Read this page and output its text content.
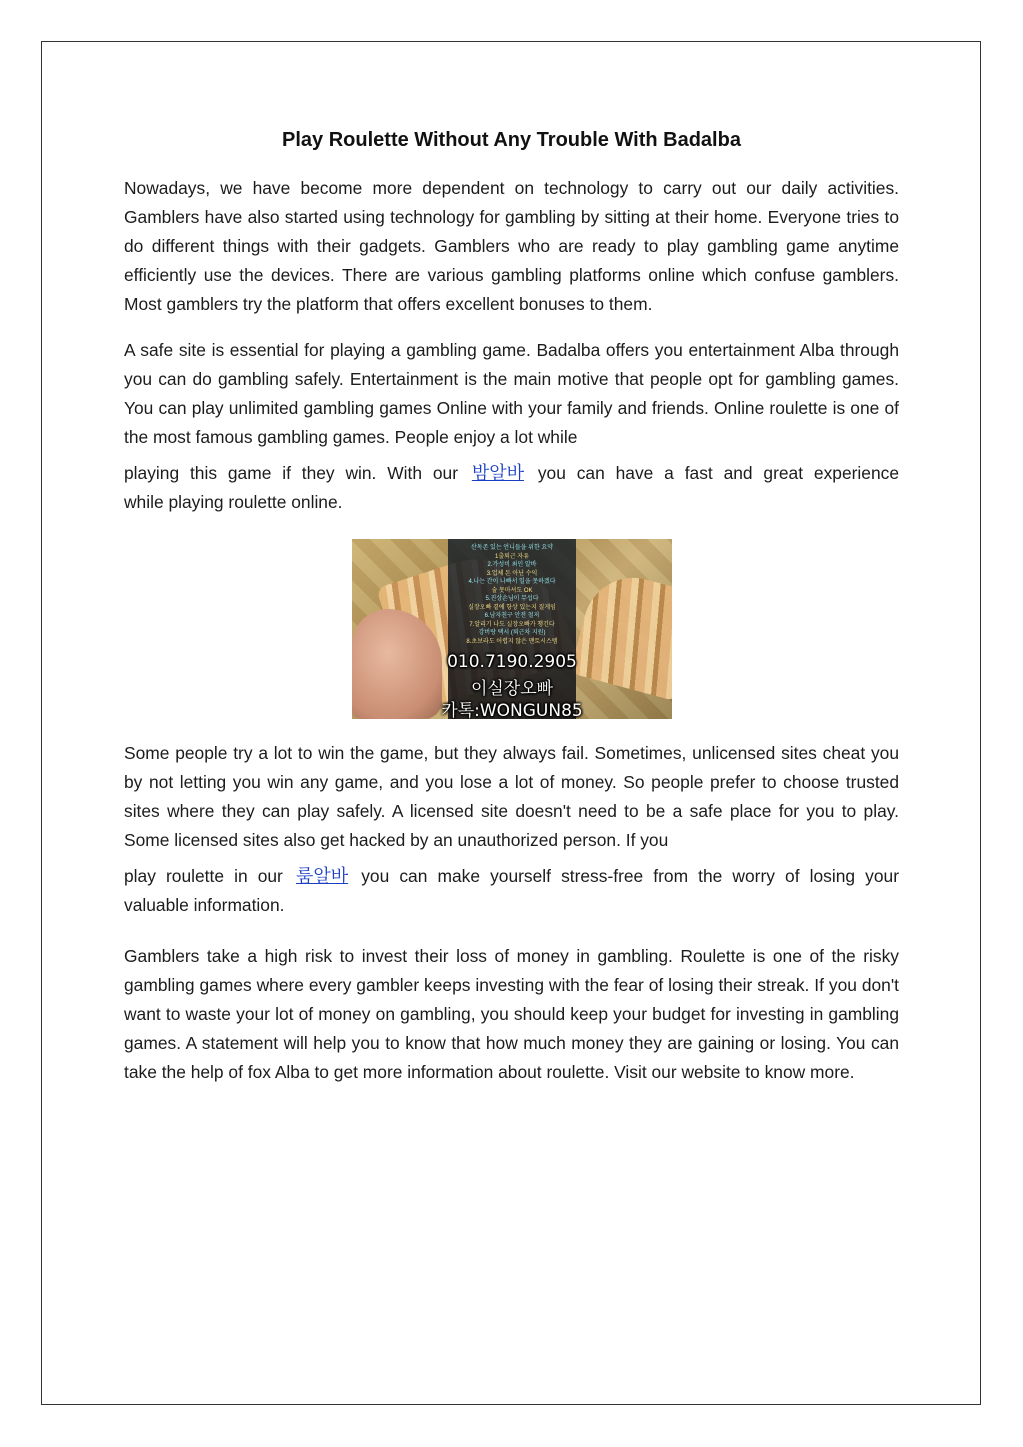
Play Roulette Without Any Trouble With Badalba

Nowadays, we have become more dependent on technology to carry out our daily activities. Gamblers have also started using technology for gambling by sitting at their home. Everyone tries to do different things with their gadgets. Gamblers who are ready to play gambling game anytime efficiently use the devices. There are various gambling platforms online which confuse gamblers. Most gamblers try the platform that offers excellent bonuses to them.

A safe site is essential for playing a gambling game. Badalba offers you entertainment Alba through you can do gambling safely. Entertainment is the main motive that people opt for gambling games. You can play unlimited gambling games Online with your family and friends. Online roulette is one of the most famous gambling games. People enjoy a lot while

playing this game if they win. With our 밤알바 you can have a fast and great experience

while playing roulette online.

산독존 있는 언니들을 위한 요약
1출퇴근 자유
2.가성비 최인 알바
3.업체 돈 아닌 수익
4.나는 간이 나빠서 일을 못하겠다
술 못마셔도 OK
5.진상손님이 무섭다
실장오빠 곁에 항상 있는지 질게임
6.남자친구 안전 철저
7.알리기 나도 실장오빠가 챙긴다
강버랑 택시 (퇴근차 지원)
8.초보라도 어렵지 않은 맨토시스템
010.7190.2905
이실장오빠
카톡:WONGUN85

Some people try a lot to win the game, but they always fail. Sometimes, unlicensed sites cheat you by not letting you win any game, and you lose a lot of money. So people prefer to choose trusted sites where they can play safely. A licensed site doesn't need to be a safe place for you to play. Some licensed sites also get hacked by an unauthorized person. If you

play roulette in our 룸알바 you can make yourself stress-free from the worry of losing your

valuable information.

Gamblers take a high risk to invest their loss of money in gambling. Roulette is one of the risky gambling games where every gambler keeps investing with the fear of losing their streak. If you don't want to waste your lot of money on gambling, you should keep your budget for investing in gambling games. A statement will help you to know that how much money they are gaining or losing. You can take the help of fox Alba to get more information about roulette. Visit our website to know more.
